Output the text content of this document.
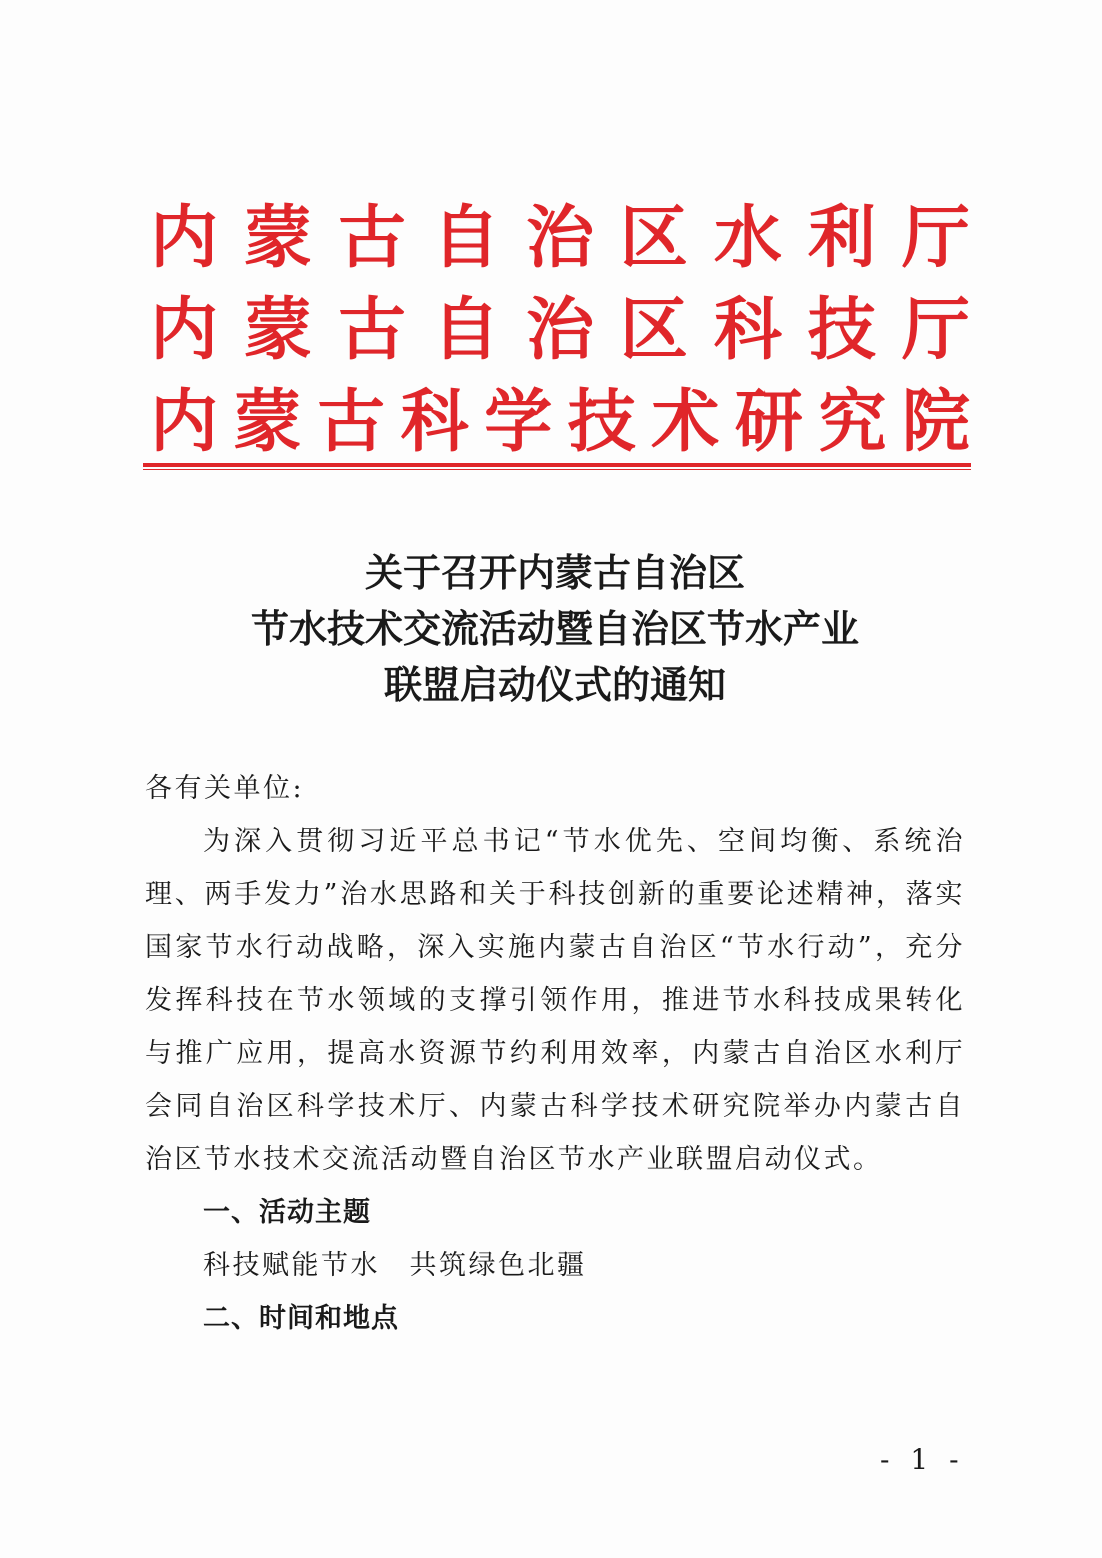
内 蒙 古 自 治 区 水 利 厅
内 蒙 古 自 治 区 科 技 厅
内 蒙 古 科 学 技 术 研 究 院
关于召开内蒙古自治区
节水技术交流活动暨自治区节水产业
联盟启动仪式的通知

各有关单位:

为深入贯彻习近平总书记“节水优先、空间均衡、系统治理、两手发力”治水思路和关于科技创新的重要论述精神，落实国家节水行动战略，深入实施内蒙古自治区“节水行动”，充分发挥科技在节水领域的支撑引领作用，推进节水科技成果转化与推广应用，提高水资源节约利用效率，内蒙古自治区水利厅会同自治区科学技术厅、内蒙古科学技术研究院举办内蒙古自治区节水技术交流活动暨自治区节水产业联盟启动仪式。

一、活动主题

科技赋能节水　共筑绿色北疆

二、时间和地点

- 1 -
